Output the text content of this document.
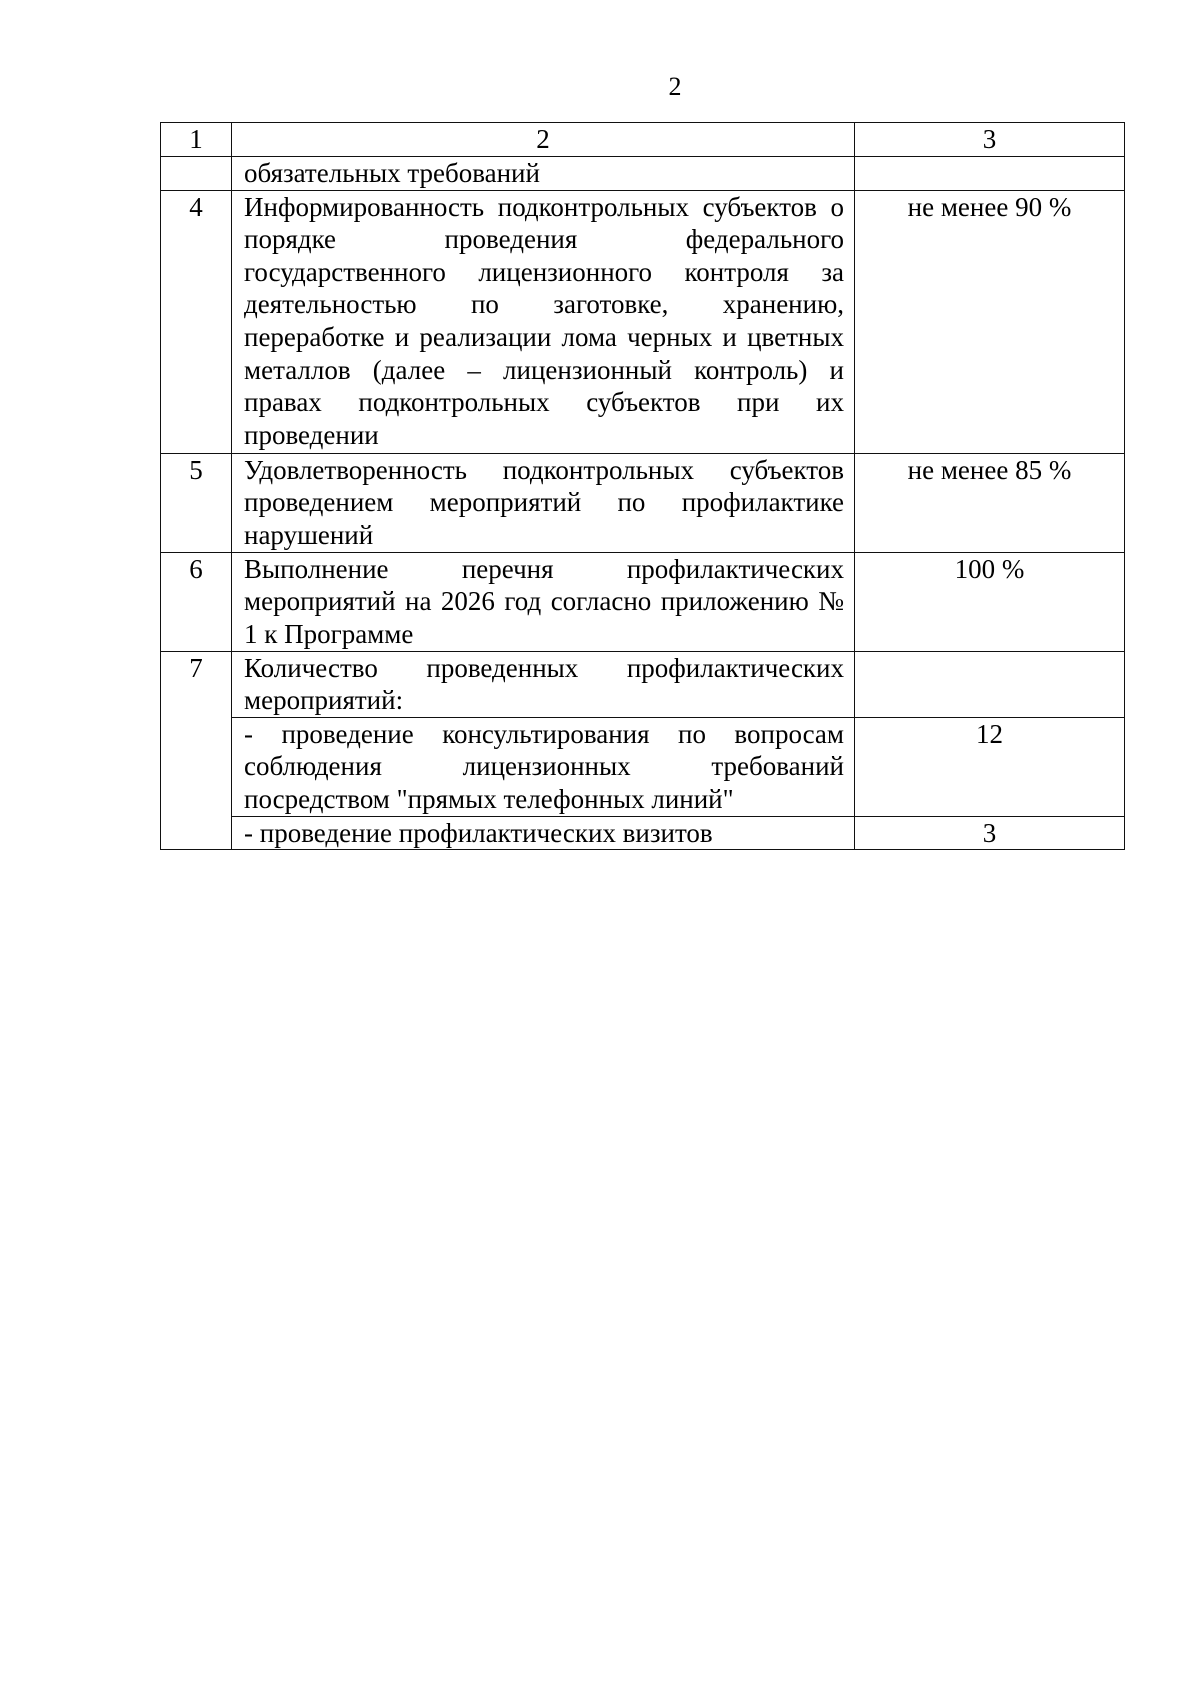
2
1	2	3
	обязательных требований	
4	Информированность подконтрольных субъектов о порядке проведения федерального государственного лицензионного контроля за деятельностью по заготовке, хранению, переработке и реализации лома черных и цветных металлов (далее – лицензионный контроль) и правах подконтрольных субъектов при их проведении	не менее 90 %
5	Удовлетворенность подконтрольных субъектов проведением мероприятий по профилактике нарушений	не менее 85 %
6	Выполнение перечня профилактических мероприятий на 2026 год согласно приложению № 1 к Программе	100 %
7	Количество проведенных профилактических мероприятий:	
	- проведение консультирования по вопросам соблюдения лицензионных требований посредством "прямых телефонных линий"	12
	- проведение профилактических визитов	3
